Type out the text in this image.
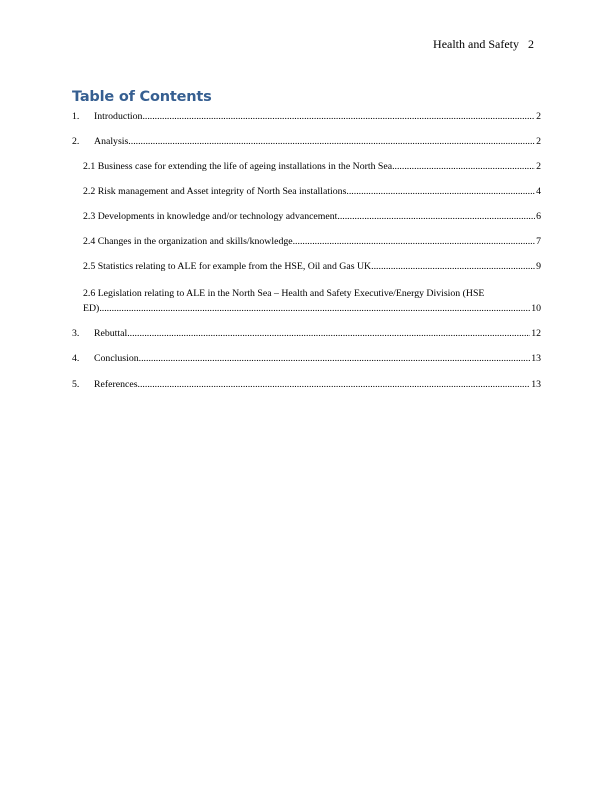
Health and Safety 2
Table of Contents
1.	Introduction .....	2
2.	Analysis .....	2
2.1 Business case for extending the life of ageing installations in the North Sea .....	2
2.2 Risk management and Asset integrity of North Sea installations .....	4
2.3 Developments in knowledge and/or technology advancement .....	6
2.4 Changes in the organization and skills/knowledge .....	7
2.5 Statistics relating to ALE for example from the HSE, Oil and Gas UK .....	9
2.6 Legislation relating to ALE in the North Sea – Health and Safety Executive/Energy Division (HSE
ED) .....	10
3.	Rebuttal .....	12
4.	Conclusion .....	13
5.	References .....	13
